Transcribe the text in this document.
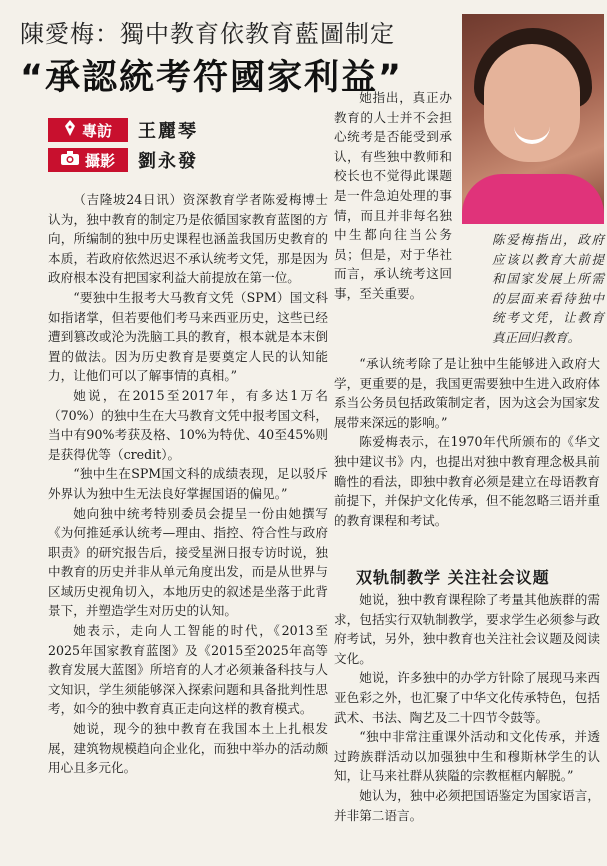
陳愛梅：獨中教育依教育藍圖制定
“承認統考符國家利益”
專訪 王麗琴
攝影 劉永發
陈爱梅指出，政府应该以教育大前提和国家发展上所需的层面来看待独中统考文凭，让教育真正回归教育。

（吉隆坡24日讯）资深教育学者陈爱梅博士认为，独中教育的制定乃是依循国家教育蓝图的方向，所编制的独中历史课程也涵盖我国历史教育的本质，若政府依然迟迟不承认统考文凭，那是因为政府根本没有把国家利益大前提放在第一位。

“要独中生报考大马教育文凭（SPM）国文科如指诸掌，但若要他们考马来西亚历史，这些已经遭到篡改或沦为洗脑工具的教育，根本就是本末倒置的做法。因为历史教育是要奠定人民的认知能力，让他们可以了解事情的真相。”

她说，在2015至2017年，有多达1万名（70%）的独中生在大马教育文凭中报考国文科，当中有90%考获及格、10%为特优、40至45%则是获得优等（credit）。

“独中生在SPM国文科的成绩表现，足以驳斥外界认为独中生无法良好掌握国语的偏见。”

她向独中统考特别委员会提呈一份由她撰写《为何推延承认统考—理由、指控、符合性与政府职责》的研究报告后，接受星洲日报专访时说，独中教育的历史并非从单元角度出发，而是从世界与区域历史视角切入，本地历史的叙述是坐落于此背景下，并塑造学生对历史的认知。

她表示，走向人工智能的时代，《2013至2025年国家教育蓝图》及《2015至2025年高等教育发展大蓝图》所培育的人才必须兼备科技与人文知识，学生须能够深入探索问题和具备批判性思考，如今的独中教育真正走向这样的教育模式。

她说，现今的独中教育在我国本土上扎根发展，建筑物规模趋向企业化，而独中举办的活动颇用心且多元化。

她指出，真正办教育的人士并不会担心统考是否能受到承认，有些独中教师和校长也不觉得此课题是一件急迫处理的事情，而且并非每名独中生都向往当公务员；但是，对于华社而言，承认统考这回事，至关重要。

“承认统考除了是让独中生能够进入政府大学，更重要的是，我国更需要独中生进入政府体系当公务员包括政策制定者，因为这会为国家发展带来深远的影响。”

陈爱梅表示，在1970年代所颁布的《华文独中建议书》内，也提出对独中教育理念极具前瞻性的看法，即独中教育必须是建立在母语教育前提下，并保护文化传承，但不能忽略三语并重的教育课程和考试。

双轨制教学 关注社会议题

她说，独中教育课程除了考量其他族群的需求，包括实行双轨制教学，要求学生必须参与政府考试，另外，独中教育也关注社会议题及阅读文化。

她说，许多独中的办学方针除了展现马来西亚色彩之外，也汇聚了中华文化传承特色，包括武术、书法、陶艺及二十四节令鼓等。

“独中非常注重课外活动和文化传承，并透过跨族群活动以加强独中生和穆斯林学生的认知，让马来社群从狭隘的宗教框框内解脱。”

她认为，独中必须把国语鉴定为国家语言，并非第二语言。
